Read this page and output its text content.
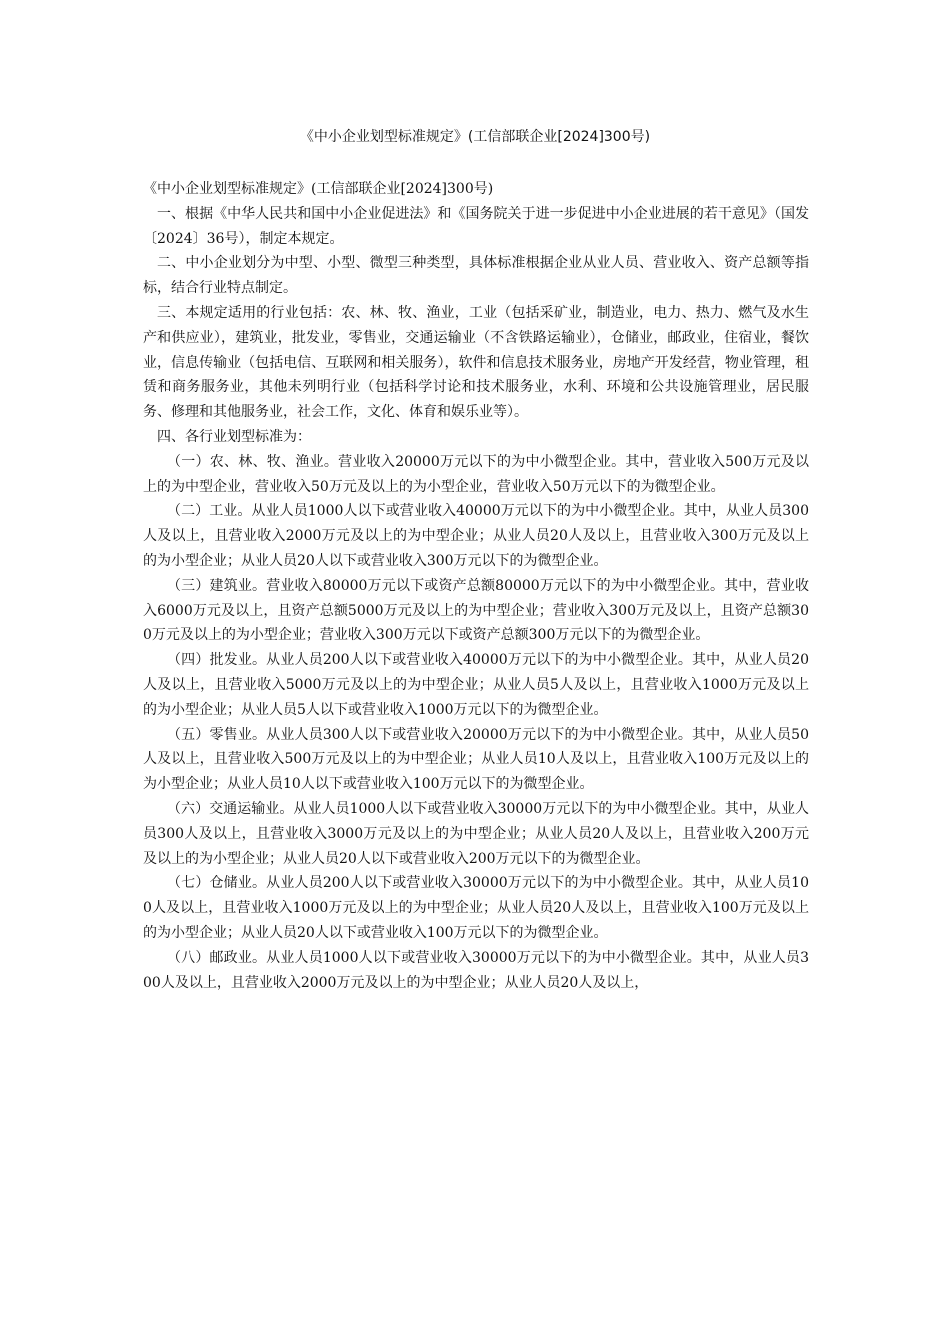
《中小企业划型标准规定》(工信部联企业[2024]300号)

《中小企业划型标准规定》(工信部联企业[2024]300号)

一、根据《中华人民共和国中小企业促进法》和《国务院关于进一步促进中小企业进展的若干意见》（国发〔2024〕36号），制定本规定。

二、中小企业划分为中型、小型、微型三种类型，具体标准根据企业从业人员、营业收入、资产总额等指标，结合行业特点制定。

三、本规定适用的行业包括：农、林、牧、渔业，工业（包括采矿业，制造业，电力、热力、燃气及水生产和供应业），建筑业，批发业，零售业，交通运输业（不含铁路运输业），仓储业，邮政业，住宿业，餐饮业，信息传输业（包括电信、互联网和相关服务），软件和信息技术服务业，房地产开发经营，物业管理，租赁和商务服务业，其他未列明行业（包括科学讨论和技术服务业，水利、环境和公共设施管理业，居民服务、修理和其他服务业，社会工作，文化、体育和娱乐业等）。

四、各行业划型标准为：

（一）农、林、牧、渔业。营业收入20000万元以下的为中小微型企业。其中，营业收入500万元及以上的为中型企业，营业收入50万元及以上的为小型企业，营业收入50万元以下的为微型企业。

（二）工业。从业人员1000人以下或营业收入40000万元以下的为中小微型企业。其中，从业人员300人及以上，且营业收入2000万元及以上的为中型企业；从业人员20人及以上，且营业收入300万元及以上的为小型企业；从业人员20人以下或营业收入300万元以下的为微型企业。

（三）建筑业。营业收入80000万元以下或资产总额80000万元以下的为中小微型企业。其中，营业收入6000万元及以上，且资产总额5000万元及以上的为中型企业；营业收入300万元及以上，且资产总额300万元及以上的为小型企业；营业收入300万元以下或资产总额300万元以下的为微型企业。

（四）批发业。从业人员200人以下或营业收入40000万元以下的为中小微型企业。其中，从业人员20人及以上，且营业收入5000万元及以上的为中型企业；从业人员5人及以上，且营业收入1000万元及以上的为小型企业；从业人员5人以下或营业收入1000万元以下的为微型企业。

（五）零售业。从业人员300人以下或营业收入20000万元以下的为中小微型企业。其中，从业人员50人及以上，且营业收入500万元及以上的为中型企业；从业人员10人及以上，且营业收入100万元及以上的为小型企业；从业人员10人以下或营业收入100万元以下的为微型企业。

（六）交通运输业。从业人员1000人以下或营业收入30000万元以下的为中小微型企业。其中，从业人员300人及以上，且营业收入3000万元及以上的为中型企业；从业人员20人及以上，且营业收入200万元及以上的为小型企业；从业人员20人以下或营业收入200万元以下的为微型企业。

（七）仓储业。从业人员200人以下或营业收入30000万元以下的为中小微型企业。其中，从业人员100人及以上，且营业收入1000万元及以上的为中型企业；从业人员20人及以上，且营业收入100万元及以上的为小型企业；从业人员20人以下或营业收入100万元以下的为微型企业。

（八）邮政业。从业人员1000人以下或营业收入30000万元以下的为中小微型企业。其中，从业人员300人及以上，且营业收入2000万元及以上的为中型企业；从业人员20人及以上，
